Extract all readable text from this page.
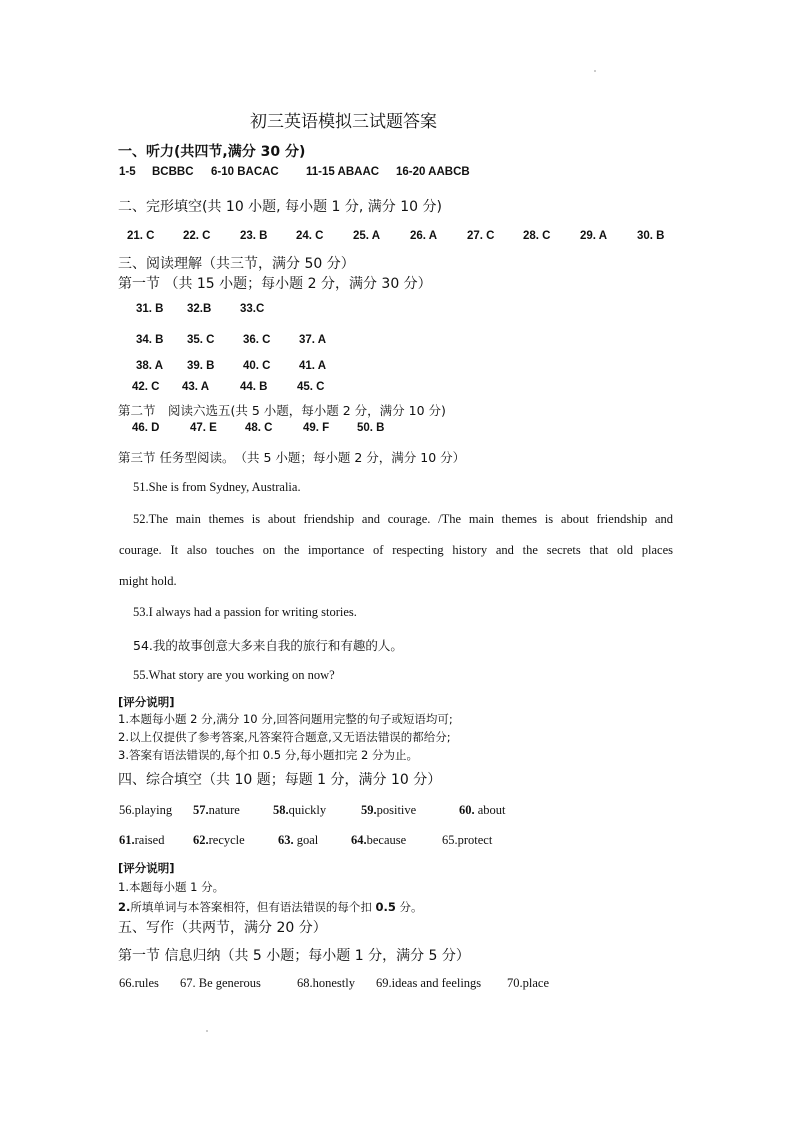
初三英语模拟三试题答案
一、听力(共四节,满分 30 分)
1-5 BCBBC 6-10 BACAC 11-15 ABAAC 16-20 AABCB
二、完形填空(共 10 小题, 每小题 1 分, 满分 10 分)
21. C 22. C	23. B 24. C	25. A	26. A	27. C 28. C	29. A	30. B
三、阅读理解（共三节，满分 50 分）
第一节 （共 15 小题；每小题 2 分，满分 30 分）
31. B 32.B 33.C
34. B 35. C 36. C 37. A
38. A 39. B 40. C 41. A
42. C 43. A	44. B	45. C
第二节　阅读六选五(共 5 小题，每小题 2 分，满分 10 分)
46. D	47. E 48. C	49. F 50. B
第三节 任务型阅读。　（共 5 小题；每小题 2 分，满分 10 分）
51.She is from Sydney, Australia.
52.The main themes is about friendship and courage. /The main themes is about friendship and
courage. It also touches on the importance of respecting history and the secrets that old places
might hold.
53.I always had a passion for writing stories.
54.我的故事创意大多来自我的旅行和有趣的人。
55.What story are you working on now?
[评分说明]
1.本题每小题 2 分,满分 10 分,回答问题用完整的句子或短语均可;
2.以上仅提供了参考答案,凡答案符合题意,又无语法错误的都给分;
3.答案有语法错误的,每个扣 0.5 分,每小题扣完 2 分为止。
四、综合填空（共 10 题；每题 1 分，满分 10 分）
56.playing 57.nature	58.quickly	59.positive	60. about
61.raised 62.recycle	63. goal	64.because	65.protect
[评分说明]
1.本题每小题 1 分。
2.所填单词与本答案相符，但有语法错误的每个扣 0.5 分。
五、写作（共两节，满分 20 分）
第一节 信息归纳（共 5 小题；每小题 1 分，满分 5 分）
66.rules 67. Be generous	68.honestly 69.ideas and feelings 70.place
